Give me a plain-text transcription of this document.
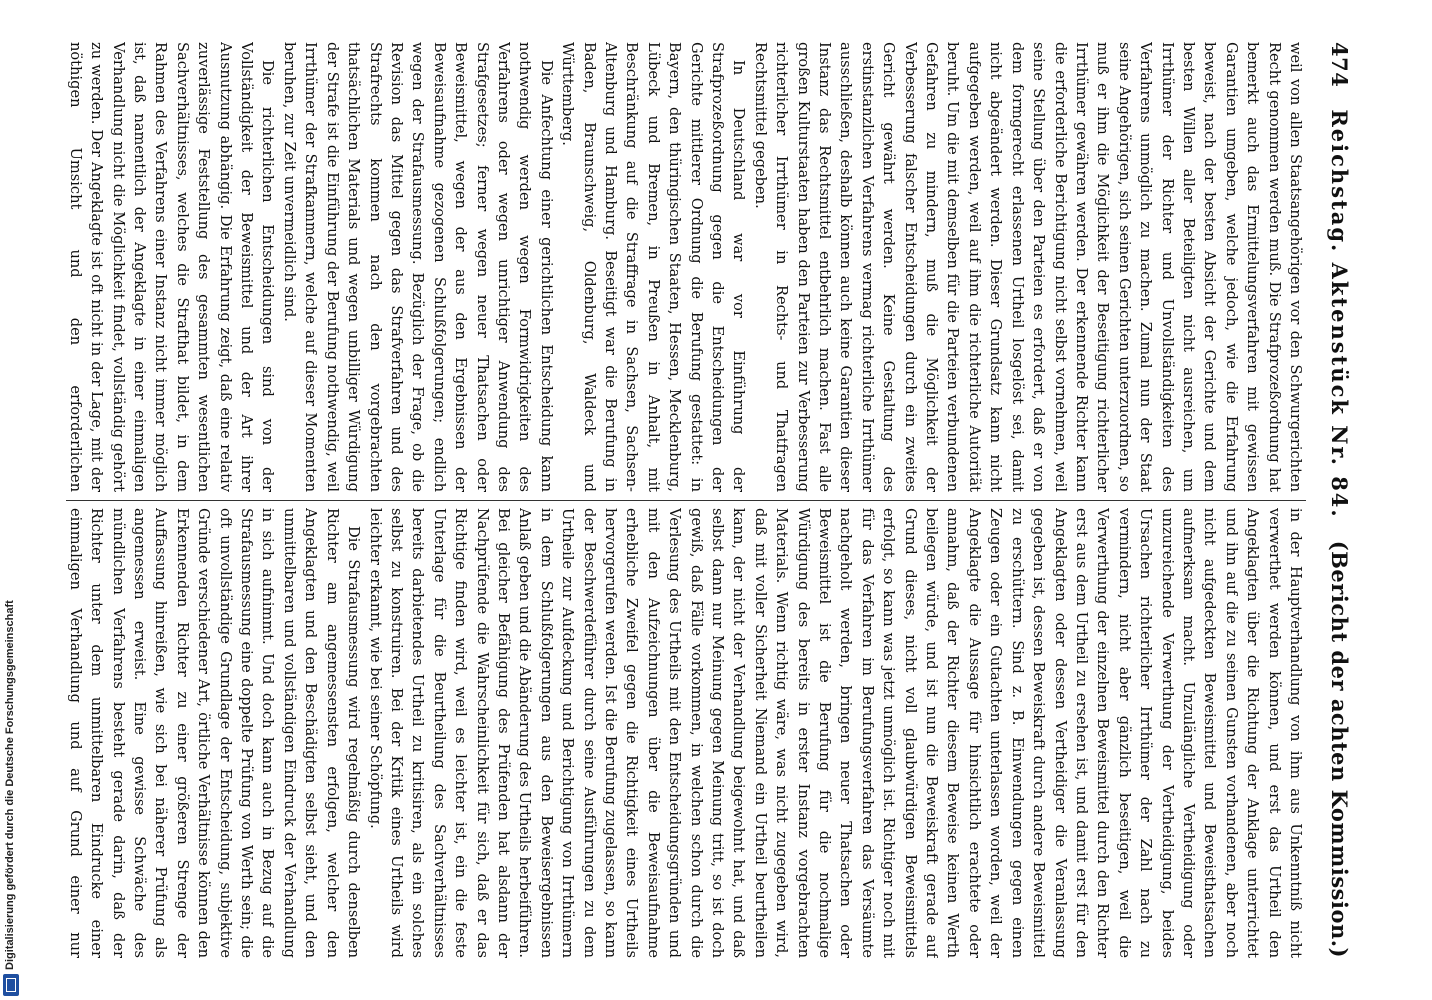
Digitalisierung gefördert durch die Deutsche Forschungsgemeinschaft
474
Reichstag. Aktenstück Nr. 84.
(Bericht der achten Kommission.)

weil von allen Staatsangehörigen vor den Schwurgerichten Recht genommen werden muß. Die Strafprozeßordnung hat bemerkt auch das Ermittelungsverfahren mit gewissen Garantien umgeben, welche jedoch, wie die Erfahrung beweist, nach der besten Absicht der Gerichte und dem besten Willen aller Beteiligten nicht ausreichen, um Irrthümer der Richter und Unvollständigkeiten des Verfahrens unmöglich zu machen. Zumal nun der Staat seine Angehörigen, sich seinen Gerichten unterzuordnen, so muß er ihm die Möglichkeit der Beseitigung richterlicher Irrthümer gewähren werden. Der erkennende Richter kann die erforderliche Berichtigung nicht selbst vornehmen, weil seine Stellung über den Parteien es erfordert, daß er von dem formgerecht erlassenen Urtheil losgelöst sei, damit nicht abgeändert werden. Dieser Grundsatz kann nicht aufgegeben werden, weil auf ihm die richterliche Autorität beruht. Um die mit demselben für die Parteien verbundenen Gefahren zu mindern, muß die Möglichkeit der Verbesserung falscher Entscheidungen durch ein zweites Gericht gewährt werden. Keine Gestaltung des erstinstanzlichen Verfahrens vermag richterliche Irrthümer ausschließen, deshalb können auch keine Garantien dieser Instanz das Rechtsmittel entbehrlich machen. Fast alle großen Kulturstaaten haben den Parteien zur Verbesserung richterlicher Irrthümer in Rechts- und Thatfragen Rechtsmittel gegeben.

In Deutschland war vor Einführung der Strafprozeßordnung gegen die Entscheidungen der Gerichte mittlerer Ordnung die Berufung gestattet: in Bayern, den thüringischen Staaten, Hessen, Mecklenburg, Lübeck und Bremen, in Preußen in Anhalt, mit Beschränkung auf die Straffrage in Sachsen, Sachsen-Altenburg und Hamburg. Beseitigt war die Berufung in Baden, Braunschweig, Oldenburg, Waldeck und Württemberg.

Die Anfechtung einer gerichtlichen Entscheidung kann nothwendig werden wegen Formwidrigkeiten des Verfahrens oder wegen unrichtiger Anwendung des Strafgesetzes; ferner wegen neuer Thatsachen oder Beweismittel, wegen der aus den Ergebnissen der Beweisaufnahme gezogenen Schlußfolgerungen; endlich wegen der Strafausmessung. Bezüglich der Frage, ob die Revision das Mittel gegen das Strafverfahren und des Strafrechts kommen nach den vorgebrachten thatsächlichen Materials und wegen unbilliger Würdigung der Strafe ist die Einführung der Berufung nothwendig, weil Irrthümer der Strafkammern, welche auf dieser Momenten beruhen, zur Zeit unvermeidlich sind.

Die richterlichen Entscheidungen sind von der Vollständigkeit der Beweismittel und der Art ihrer Ausnutzung abhängig. Die Erfahrung zeigt, daß eine relativ zuverlässige Feststellung des gesammten wesentlichen Sachverhältnisses, welches die Strafthat bildet, in dem Rahmen des Verfahrens einer Instanz nicht immer möglich ist, daß namentlich der Angeklagte in einer einmaligen Verhandlung nicht die Möglichkeit findet, vollständig gehört zu werden. Der Angeklagte ist oft nicht in der Lage, mit der nöthigen Umsicht und den erforderlichen

in der Hauptverhandlung von ihm aus Unkenntniß nicht verwerthet werden können, und erst das Urtheil den Angeklagten über die Richtung der Anklage unterrichtet und ihn auf die zu seinen Gunsten vorhandenen, aber noch nicht aufgedeckten Beweismittel und Beweisthatsachen aufmerksam macht. Unzulängliche Vertheidigung oder unzureichende Verwerthung der Vertheidigung, beides Ursachen richterlicher Irrthümer der Zahl nach zu vermindern, nicht aber gänzlich beseitigen, weil die Verwerthung der einzelnen Beweismittel durch den Richter erst aus dem Urtheil zu ersehen ist, und damit erst für den Angeklagten oder dessen Vertheidiger die Veranlassung gegeben ist, dessen Beweiskraft durch andere Beweismittel zu erschüttern. Sind z. B. Einwendungen gegen einen Zeugen oder ein Gutachten unterlassen worden, weil der Angeklagte die Aussage für hinsichtlich erachtete oder annahm, daß der Richter diesem Beweise keinen Werth beilegen würde, und ist nun die Beweiskraft gerade auf Grund dieses, nicht voll glaubwürdigen Beweismittels erfolgt, so kann was jetzt unmöglich ist. Richtiger noch mit für das Verfahren im Berufungsverfahren das Versäumte nachgeholt werden, bringen neuer Thatsachen oder Beweismittel ist die Berufung für die nochmalige Würdigung des bereits in erster Instanz vorgebrachten Materials. Wenn richtig wäre, was nicht zugegeben wird, daß mit voller Sicherheit Niemand ein Urtheil beurtheilen kann, der nicht der Verhandlung beigewohnt hat, und daß selbst dann nur Meinung gegen Meinung tritt, so ist doch gewiß, daß Fälle vorkommen, in welchen schon durch die Verlesung des Urtheils mit den Entscheidungsgründen und mit den Aufzeichnungen über die Beweisaufnahme erhebliche Zweifel gegen die Richtigkeit eines Urtheils hervorgerufen werden. Ist die Berufung zugelassen, so kann der Beschwerdeführer durch seine Ausführungen zu dem Urtheile zur Aufdeckung und Berichtigung von Irrthümern in dem Schlußfolgerungen aus den Beweisergebnissen Anlaß geben und die Abänderung des Urtheils herbeiführen. Bei gleicher Befähigung des Prüfenden hat alsdann der Nachprüfende die Wahrscheinlichkeit für sich, daß er das Richtige finden wird, weil es leichter ist, ein die feste Unterlage für die Beurtheilung des Sachverhältnisses bereits darbietendes Urtheil zu kritisiren, als ein solches selbst zu konstruiren. Bei der Kritik eines Urtheils wird leichter erkannt, wie bei seiner Schöpfung.

Die Strafausmessung wird regelmäßig durch denselben Richter am angemessensten erfolgen, welcher den Angeklagten und den Beschädigten selbst sieht, und den unmittelbaren und vollständigen Eindruck der Verhandlung in sich aufnimmt. Und doch kann auch in Bezug auf die Strafausmessung eine doppelte Prüfung von Werth sein; die oft unvollständige Grundlage der Entscheidung, subjektive Gründe verschiedener Art, örtliche Verhältnisse können den Erkennenden Richter zu einer größeren Strenge der Auffassung hinreißen, wie sich bei näherer Prüfung als angemessen erweist. Eine gewisse Schwäche des mündlichen Verfahrens besteht gerade darin, daß der Richter unter dem unmittelbaren Eindrucke einer einmaligen Verhandlung und auf Grund einer nur
